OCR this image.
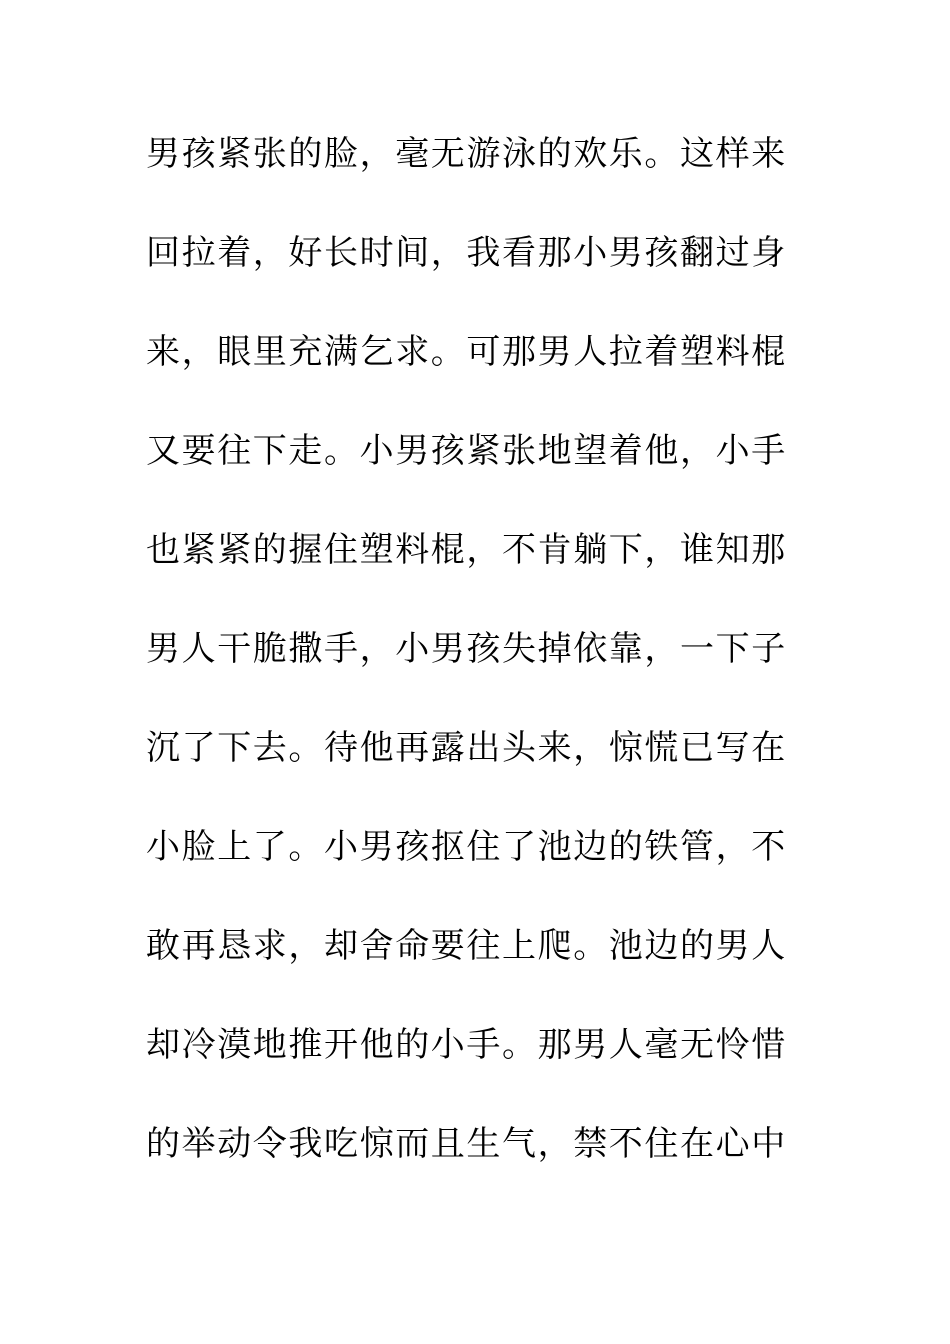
男孩紧张的脸，毫无游泳的欢乐。这样来
回拉着，好长时间，我看那小男孩翻过身
来，眼里充满乞求。可那男人拉着塑料棍
又要往下走。小男孩紧张地望着他，小手
也紧紧的握住塑料棍，不肯躺下，谁知那
男人干脆撒手，小男孩失掉依靠，一下子
沉了下去。待他再露出头来，惊慌已写在
小脸上了。小男孩抠住了池边的铁管，不
敢再恳求，却舍命要往上爬。池边的男人
却冷漠地推开他的小手。那男人毫无怜惜
的举动令我吃惊而且生气，禁不住在心中
